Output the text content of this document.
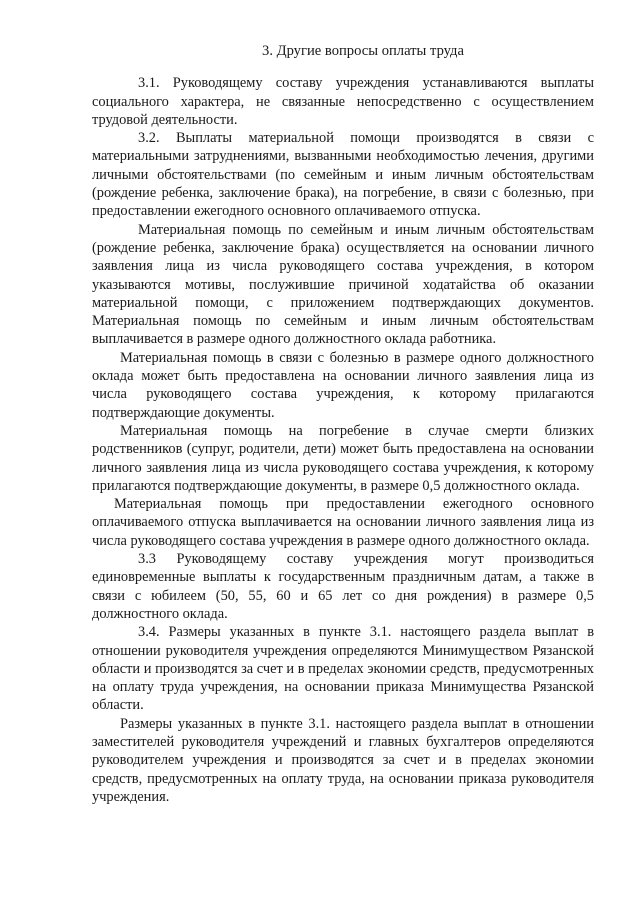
3. Другие вопросы оплаты труда

3.1. Руководящему составу учреждения устанавливаются выплаты социального характера, не связанные непосредственно с осуществлением трудовой деятельности.

3.2. Выплаты материальной помощи производятся в связи с материальными затруднениями, вызванными необходимостью лечения, другими личными обстоятельствами (по семейным и иным личным обстоятельствам (рождение ребенка, заключение брака), на погребение, в связи с болезнью, при предоставлении ежегодного основного оплачиваемого отпуска.

Материальная помощь по семейным и иным личным обстоятельствам (рождение ребенка, заключение брака) осуществляется на основании личного заявления лица из числа руководящего состава учреждения, в котором указываются мотивы, послужившие причиной ходатайства об оказании материальной помощи, с приложением подтверждающих документов. Материальная помощь по семейным и иным личным обстоятельствам выплачивается в размере одного должностного оклада работника.

Материальная помощь в связи с болезнью в размере одного должностного оклада может быть предоставлена на основании личного заявления лица из числа руководящего состава учреждения, к которому прилагаются подтверждающие документы.

Материальная помощь на погребение в случае смерти близких родственников (супруг, родители, дети) может быть предоставлена на основании личного заявления лица из числа руководящего состава учреждения, к которому прилагаются подтверждающие документы, в размере 0,5 должностного оклада.

Материальная помощь при предоставлении ежегодного основного оплачиваемого отпуска выплачивается на основании личного заявления лица из числа руководящего состава учреждения в размере одного должностного оклада.

3.3 Руководящему составу учреждения могут производиться единовременные выплаты к государственным праздничным датам, а также в связи с юбилеем (50, 55, 60 и 65 лет со дня рождения) в размере 0,5 должностного оклада.

3.4. Размеры указанных в пункте 3.1. настоящего раздела выплат в отношении руководителя учреждения определяются Минимуществом Рязанской области и производятся за счет и в пределах экономии средств, предусмотренных на оплату труда учреждения, на основании приказа Минимущества Рязанской области.

Размеры указанных в пункте 3.1. настоящего раздела выплат в отношении заместителей руководителя учреждений и главных бухгалтеров определяются руководителем учреждения и производятся за счет и в пределах экономии средств, предусмотренных на оплату труда, на основании приказа руководителя учреждения.
